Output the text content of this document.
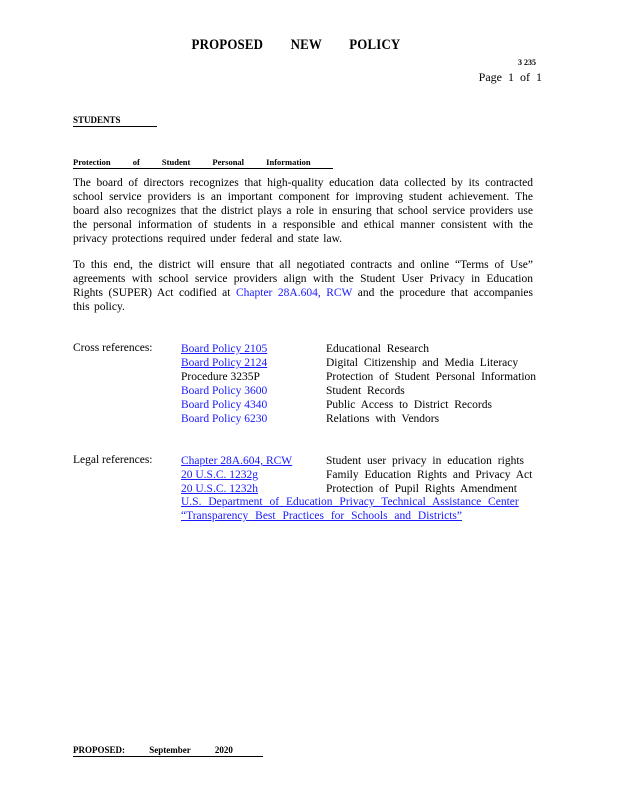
PROPOSED NEW POLICY
3 235
Page 1 of 1
STUDENTS
Protection of Student Personal Information
The board of directors recognizes that high-quality education data collected by its contracted school service providers is an important component for improving student achievement. The board also recognizes that the district plays a role in ensuring that school service providers use the personal information of students in a responsible and ethical manner consistent with the privacy protections required under federal and state law.
To this end, the district will ensure that all negotiated contracts and online “Terms of Use” agreements with school service providers align with the Student User Privacy in Education Rights (SUPER) Act codified at Chapter 28A.604, RCW and the procedure that accompanies this policy.
Cross references: Board Policy 2105	Educational Research
Board Policy 2124	Digital Citizenship and Media Literacy
Procedure 3235P	Protection of Student Personal Information
Board Policy 3600	Student Records
Board Policy 4340	Public Access to District Records
Board Policy 6230	Relations with Vendors
Legal references: Chapter 28A.604, RCW	Student user privacy in education rights
20 U.S.C. 1232g	Family Education Rights and Privacy Act
20 U.S.C. 1232h	Protection of Pupil Rights Amendment
U.S. Department of Education Privacy Technical Assistance Center
“Transparency Best Practices for Schools and Districts”
PROPOSED:	September	2020
